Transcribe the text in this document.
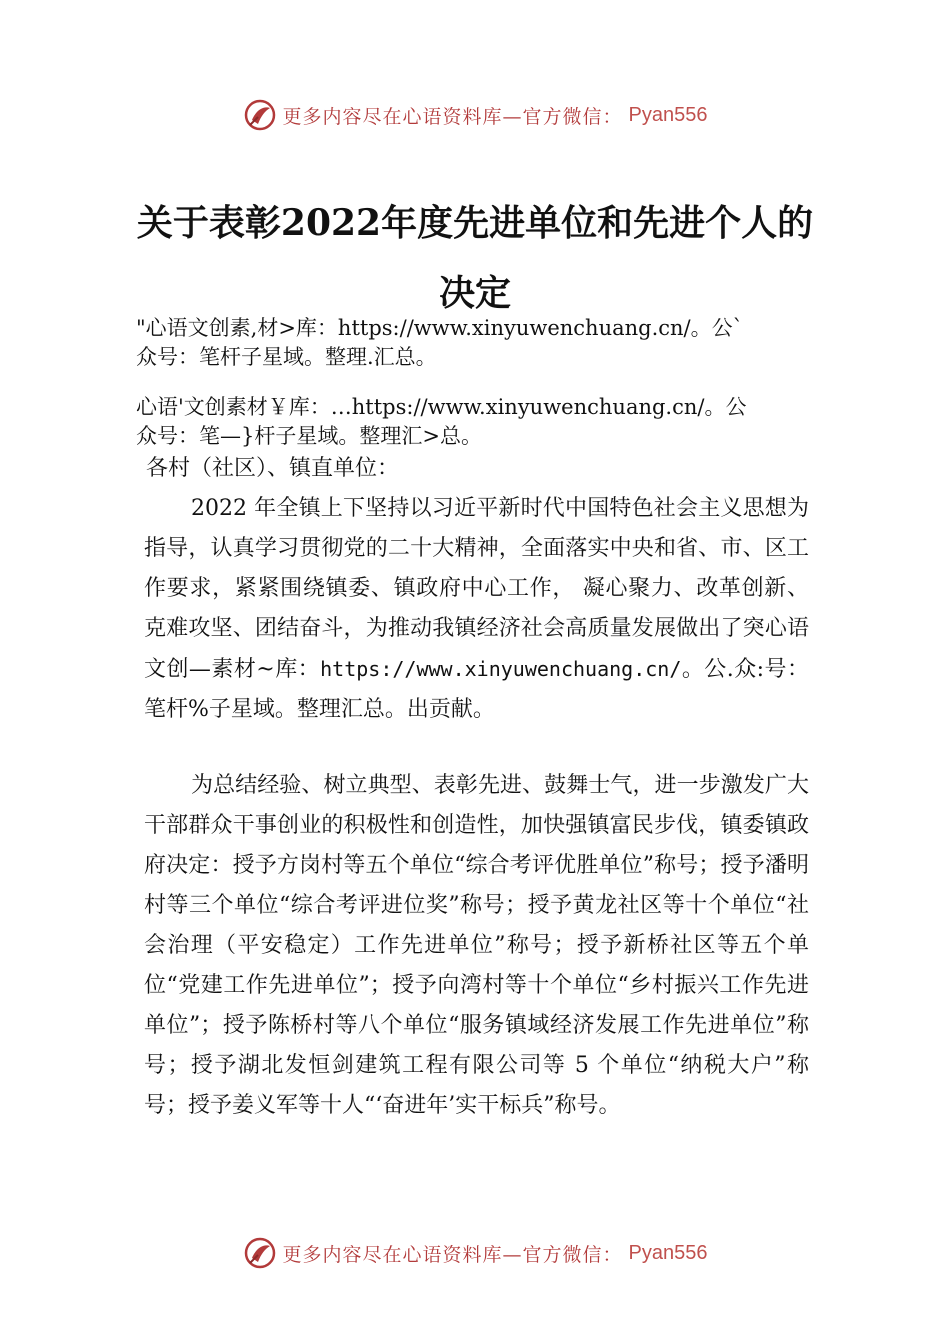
更多内容尽在心语资料库—官方微信： Pyan556
关于表彰2022年度先进单位和先进个人的
决定
"心语文创素,材>库：https://www.xinyuwenchuang.cn/。公`
众号：笔杆子星域。整理.汇总。
心语'文创素材￥库：…https://www.xinyuwenchuang.cn/。公
众号：笔—}杆子星域。整理汇>总。
各村（社区）、镇直单位：
2022 年全镇上下坚持以习近平新时代中国特色社会主义思想为指导，认真学习贯彻党的二十大精神，全面落实中央和省、市、区工作要求，紧紧围绕镇委、镇政府中心工作， 凝心聚力、改革创新、克难攻坚、团结奋斗，为推动我镇经济社会高质量发展做出了突心语文创—素材~库：https://www.xinyuwenchuang.cn/。公.众:号：笔杆%子星域。整理汇总。出贡献。
为总结经验、树立典型、表彰先进、鼓舞士气，进一步激发广大干部群众干事创业的积极性和创造性，加快强镇富民步伐，镇委镇政府决定：授予方岗村等五个单位“综合考评优胜单位”称号；授予潘明村等三个单位“综合考评进位奖”称号；授予黄龙社区等十个单位“社会治理（平安稳定）工作先进单位”称号；授予新桥社区等五个单位“党建工作先进单位”；授予向湾村等十个单位“乡村振兴工作先进单位”；授予陈桥村等八个单位“服务镇域经济发展工作先进单位”称号；授予湖北发恒剑建筑工程有限公司等 5 个单位“纳税大户”称号；授予姜义军等十人“‘奋进年’实干标兵”称号。
更多内容尽在心语资料库—官方微信： Pyan556
